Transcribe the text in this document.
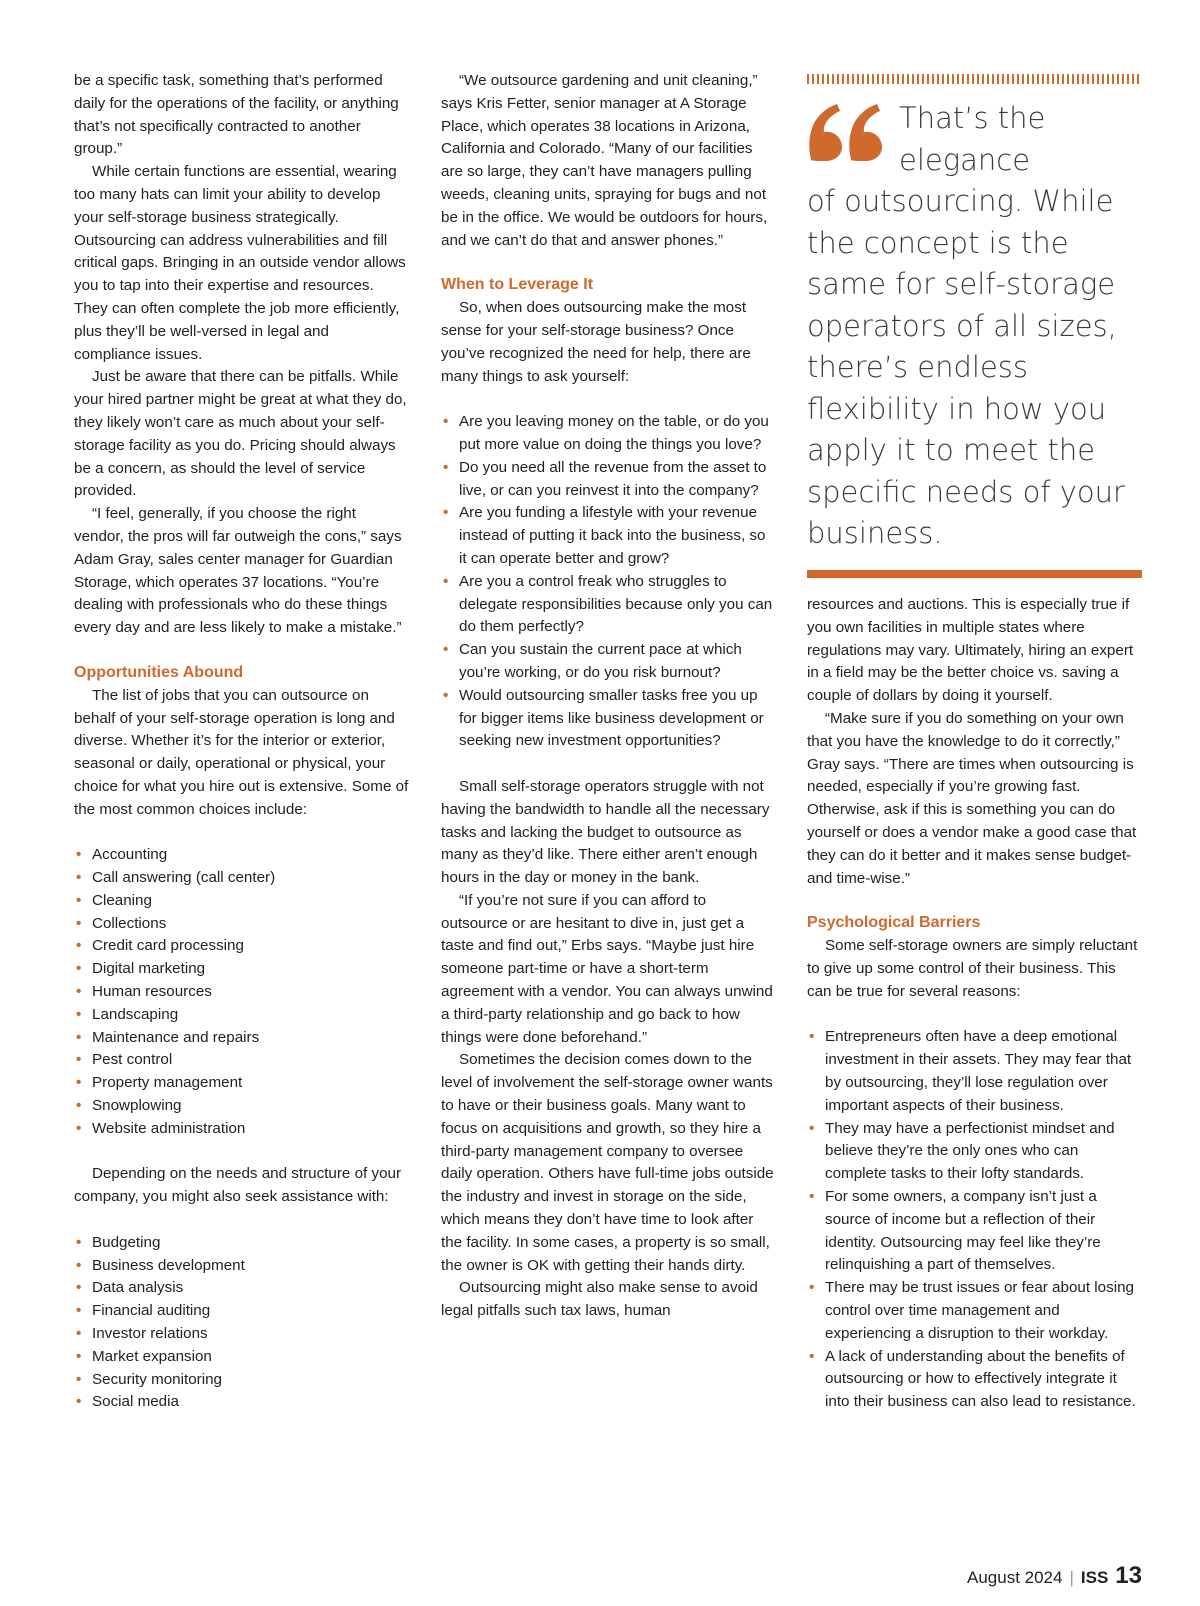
be a specific task, something that’s performed daily for the operations of the facility, or anything that’s not specifically contracted to another group.”

While certain functions are essential, wearing too many hats can limit your ability to develop your self-storage business strategically. Outsourcing can address vulnerabilities and fill critical gaps. Bringing in an outside vendor allows you to tap into their expertise and resources. They can often complete the job more efficiently, plus they’ll be well-versed in legal and compliance issues.

Just be aware that there can be pitfalls. While your hired partner might be great at what they do, they likely won’t care as much about your self-storage facility as you do. Pricing should always be a concern, as should the level of service provided.

“I feel, generally, if you choose the right vendor, the pros will far outweigh the cons,” says Adam Gray, sales center manager for Guardian Storage, which operates 37 locations. “You’re dealing with professionals who do these things every day and are less likely to make a mistake.”

Opportunities Abound

The list of jobs that you can outsource on behalf of your self-storage operation is long and diverse. Whether it’s for the interior or exterior, seasonal or daily, operational or physical, your choice for what you hire out is extensive. Some of the most common choices include:

• Accounting
• Call answering (call center)
• Cleaning
• Collections
• Credit card processing
• Digital marketing
• Human resources
• Landscaping
• Maintenance and repairs
• Pest control
• Property management
• Snowplowing
• Website administration

Depending on the needs and structure of your company, you might also seek assistance with:

• Budgeting
• Business development
• Data analysis
• Financial auditing
• Investor relations
• Market expansion
• Security monitoring
• Social media

“We outsource gardening and unit cleaning,” says Kris Fetter, senior manager at A Storage Place, which operates 38 locations in Arizona, California and Colorado. “Many of our facilities are so large, they can’t have managers pulling weeds, cleaning units, spraying for bugs and not be in the office. We would be outdoors for hours, and we can’t do that and answer phones.”

When to Leverage It

So, when does outsourcing make the most sense for your self-storage business? Once you’ve recognized the need for help, there are many things to ask yourself:

• Are you leaving money on the table, or do you put more value on doing the things you love?
• Do you need all the revenue from the asset to live, or can you reinvest it into the company?
• Are you funding a lifestyle with your revenue instead of putting it back into the business, so it can operate better and grow?
• Are you a control freak who struggles to delegate responsibilities because only you can do them perfectly?
• Can you sustain the current pace at which you’re working, or do you risk burnout?
• Would outsourcing smaller tasks free you up for bigger items like business development or seeking new investment opportunities?

Small self-storage operators struggle with not having the bandwidth to handle all the necessary tasks and lacking the budget to outsource as many as they’d like. There either aren’t enough hours in the day or money in the bank.

“If you’re not sure if you can afford to outsource or are hesitant to dive in, just get a taste and find out,” Erbs says. “Maybe just hire someone part-time or have a short-term agreement with a vendor. You can always unwind a third-party relationship and go back to how things were done beforehand.”

Sometimes the decision comes down to the level of involvement the self-storage owner wants to have or their business goals. Many want to focus on acquisitions and growth, so they hire a third-party management company to oversee daily operation. Others have full-time jobs outside the industry and invest in storage on the side, which means they don’t have time to look after the facility. In some cases, a property is so small, the owner is OK with getting their hands dirty.

Outsourcing might also make sense to avoid legal pitfalls such tax laws, human

That’s the elegance
of outsourcing. While the concept is the same for self-storage operators of all sizes, there’s endless flexibility in how you apply it to meet the specific needs of your business.

resources and auctions. This is especially true if you own facilities in multiple states where regulations may vary. Ultimately, hiring an expert in a field may be the better choice vs. saving a couple of dollars by doing it yourself.

“Make sure if you do something on your own that you have the knowledge to do it correctly,” Gray says. “There are times when outsourcing is needed, especially if you’re growing fast. Otherwise, ask if this is something you can do yourself or does a vendor make a good case that they can do it better and it makes sense budget- and time-wise.”

Psychological Barriers

Some self-storage owners are simply reluctant to give up some control of their business. This can be true for several reasons:

• Entrepreneurs often have a deep emotional investment in their assets. They may fear that by outsourcing, they’ll lose regulation over important aspects of their business.
• They may have a perfectionist mindset and believe they’re the only ones who can complete tasks to their lofty standards.
• For some owners, a company isn’t just a source of income but a reflection of their identity. Outsourcing may feel like they’re relinquishing a part of themselves.
• There may be trust issues or fear about losing control over time management and experiencing a disruption to their workday.
• A lack of understanding about the benefits of outsourcing or how to effectively integrate it into their business can also lead to resistance.
August 2024 | ISS 13
